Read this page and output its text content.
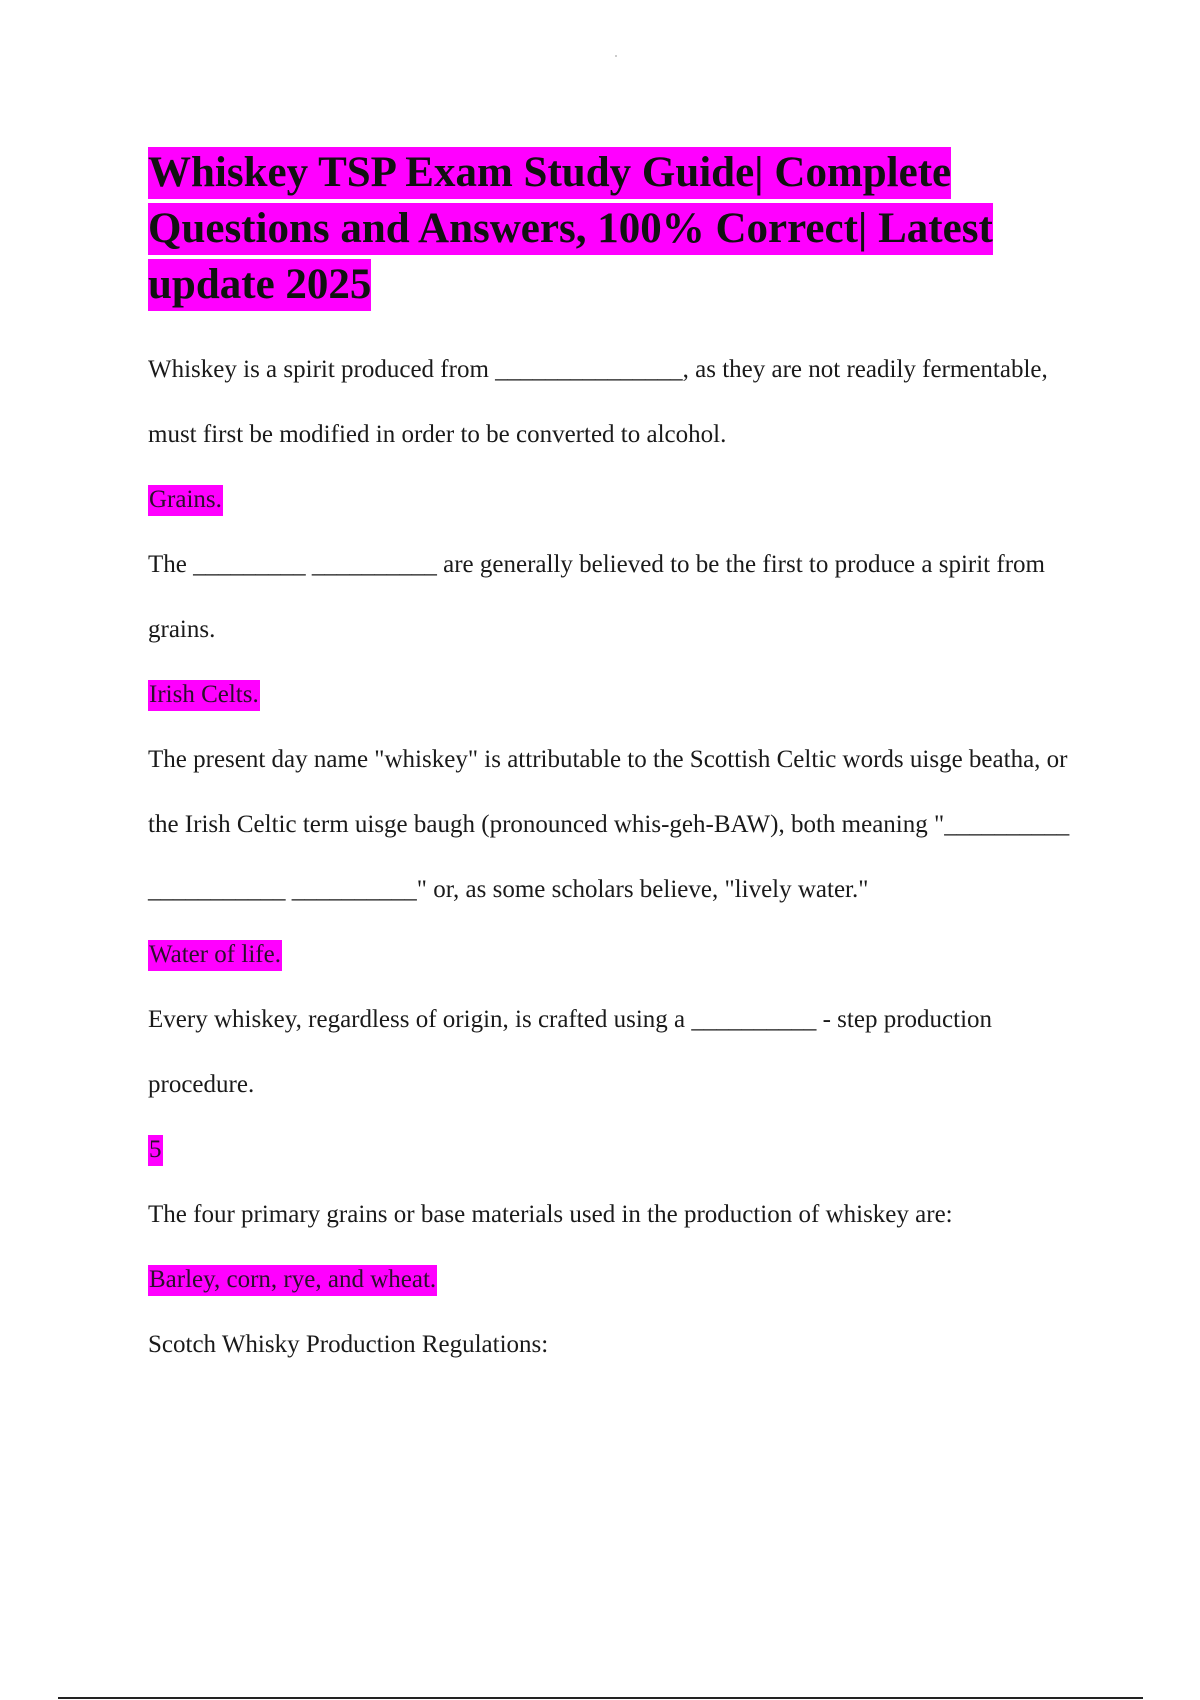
Whiskey TSP Exam Study Guide| Complete Questions and Answers, 100% Correct| Latest update 2025

Whiskey is a spirit produced from _______________, as they are not readily fermentable, must first be modified in order to be converted to alcohol.

Grains.

The _________ __________ are generally believed to be the first to produce a spirit from grains.

Irish Celts.

The present day name "whiskey" is attributable to the Scottish Celtic words uisge beatha, or the Irish Celtic term uisge baugh (pronounced whis-geh-BAW), both meaning "__________ ___________ __________" or, as some scholars believe, "lively water."

Water of life.

Every whiskey, regardless of origin, is crafted using a __________ - step production procedure.

5

The four primary grains or base materials used in the production of whiskey are:

Barley, corn, rye, and wheat.

Scotch Whisky Production Regulations:
